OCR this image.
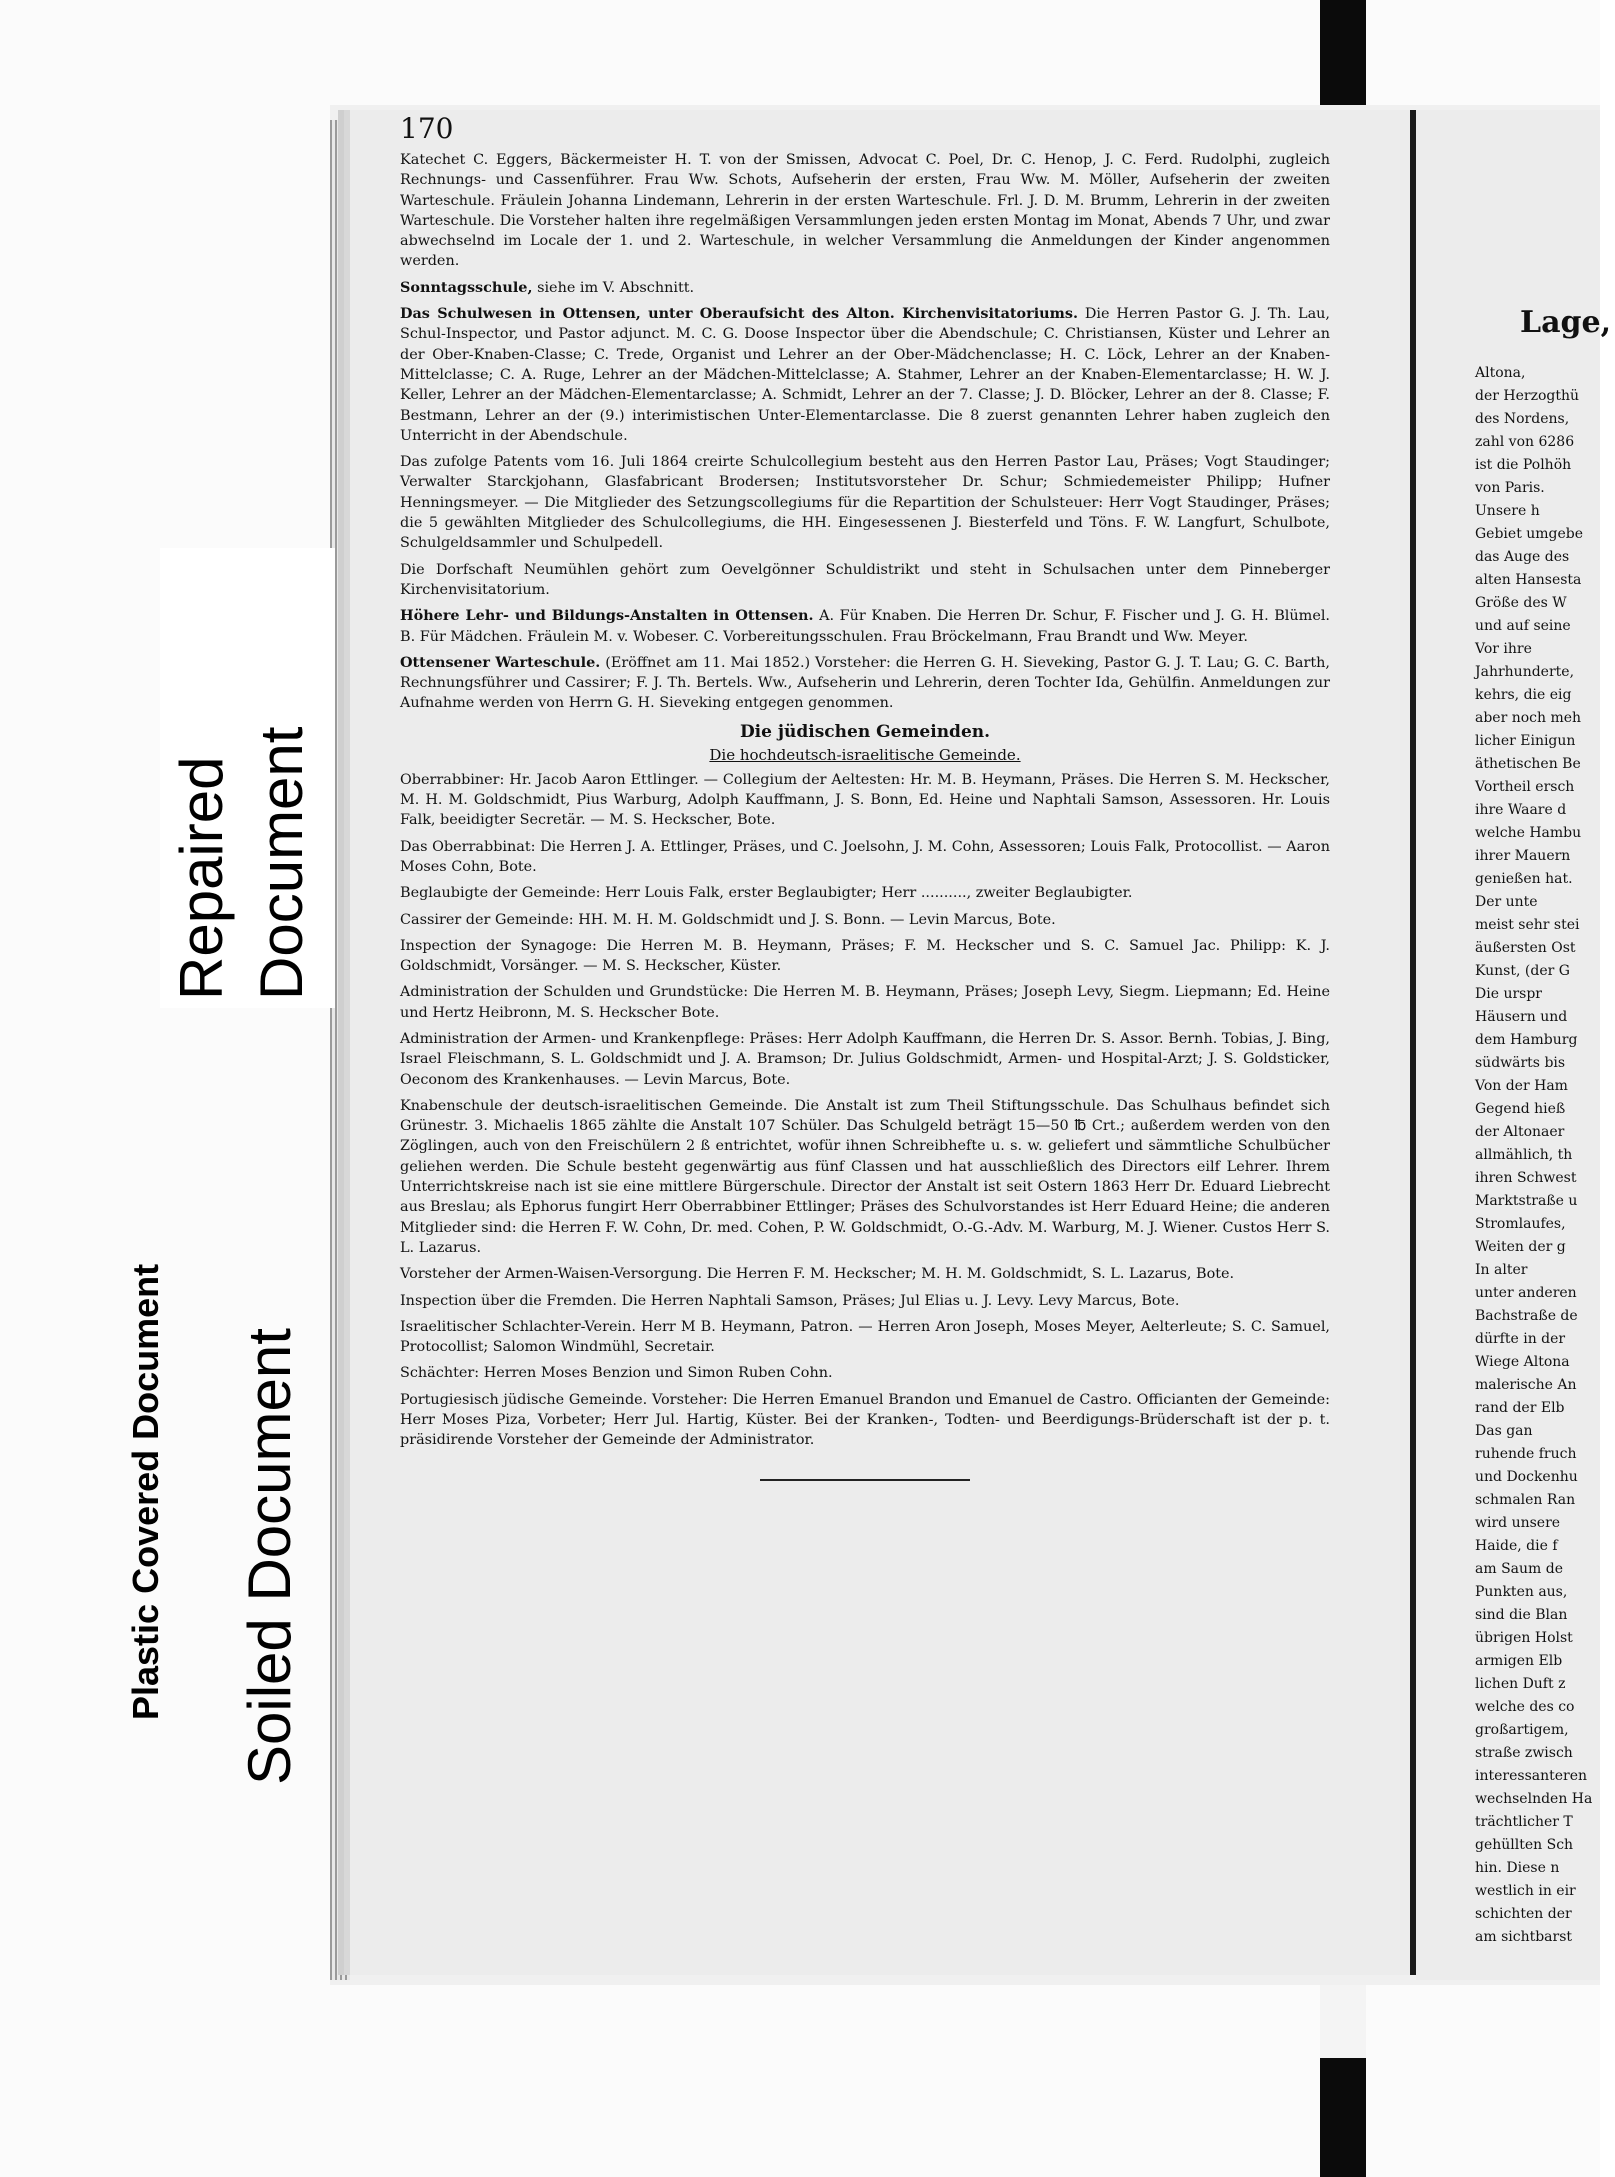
Repaired Document
Plastic Covered Document Soiled Document
170

Katechet C. Eggers, Bäckermeister H. T. von der Smissen, Advocat C. Poel, Dr. C. Henop, J. C. Ferd. Rudolphi, zugleich Rechnungs- und Cassenführer. Frau Ww. Schots, Aufseherin der ersten, Frau Ww. M. Möller, Aufseherin der zweiten Warteschule. Fräulein Johanna Lindemann, Lehrerin in der ersten Warteschule. Frl. J. D. M. Brumm, Lehrerin in der zweiten Warteschule. Die Vorsteher halten ihre regelmäßigen Versammlungen jeden ersten Montag im Monat, Abends 7 Uhr, und zwar abwechselnd im Locale der 1. und 2. Warteschule, in welcher Versammlung die Anmeldungen der Kinder angenommen werden.

Sonntagsschule, siehe im V. Abschnitt.

Das Schulwesen in Ottensen, unter Oberaufsicht des Alton. Kirchenvisitatoriums. Die Herren Pastor G. J. Th. Lau, Schul-Inspector, und Pastor adjunct. M. C. G. Doose Inspector über die Abendschule; C. Christiansen, Küster und Lehrer an der Ober-Knaben-Classe; C. Trede, Organist und Lehrer an der Ober-Mädchenclasse; H. C. Löck, Lehrer an der Knaben-Mittelclasse; C. A. Ruge, Lehrer an der Mädchen-Mittelclasse; A. Stahmer, Lehrer an der Knaben-Elementarclasse; H. W. J. Keller, Lehrer an der Mädchen-Elementarclasse; A. Schmidt, Lehrer an der 7. Classe; J. D. Blöcker, Lehrer an der 8. Classe; F. Bestmann, Lehrer an der (9.) interimistischen Unter-Elementarclasse. Die 8 zuerst genannten Lehrer haben zugleich den Unterricht in der Abendschule.

Das zufolge Patents vom 16. Juli 1864 creirte Schulcollegium besteht aus den Herren Pastor Lau, Präses; Vogt Staudinger; Verwalter Starckjohann, Glasfabricant Brodersen; Institutsvorsteher Dr. Schur; Schmiedemeister Philipp; Hufner Henningsmeyer. — Die Mitglieder des Setzungscollegiums für die Repartition der Schulsteuer: Herr Vogt Staudinger, Präses; die 5 gewählten Mitglieder des Schulcollegiums, die HH. Eingesessenen J. Biesterfeld und Töns. F. W. Langfurt, Schulbote, Schulgeldsammler und Schulpedell.

Die Dorfschaft Neumühlen gehört zum Oevelgönner Schuldistrikt und steht in Schulsachen unter dem Pinneberger Kirchenvisitatorium.

Höhere Lehr- und Bildungs-Anstalten in Ottensen. A. Für Knaben. Die Herren Dr. Schur, F. Fischer und J. G. H. Blümel. B. Für Mädchen. Fräulein M. v. Wobeser. C. Vorbereitungsschulen. Frau Bröckelmann, Frau Brandt und Ww. Meyer.

Ottensener Warteschule. (Eröffnet am 11. Mai 1852.) Vorsteher: die Herren G. H. Sieveking, Pastor G. J. T. Lau; G. C. Barth, Rechnungsführer und Cassirer; F. J. Th. Bertels. Ww., Aufseherin und Lehrerin, deren Tochter Ida, Gehülfin. Anmeldungen zur Aufnahme werden von Herrn G. H. Sieveking entgegen genommen.

Die jüdischen Gemeinden.
Die hochdeutsch-israelitische Gemeinde.

Oberrabbiner: Hr. Jacob Aaron Ettlinger. — Collegium der Aeltesten: Hr. M. B. Heymann, Präses. Die Herren S. M. Heckscher, M. H. M. Goldschmidt, Pius Warburg, Adolph Kauffmann, J. S. Bonn, Ed. Heine und Naphtali Samson, Assessoren. Hr. Louis Falk, beeidigter Secretär. — M. S. Heckscher, Bote.

Das Oberrabbinat: Die Herren J. A. Ettlinger, Präses, und C. Joelsohn, J. M. Cohn, Assessoren; Louis Falk, Protocollist. — Aaron Moses Cohn, Bote.

Beglaubigte der Gemeinde: Herr Louis Falk, erster Beglaubigter; Herr .........., zweiter Beglaubigter.

Cassirer der Gemeinde: HH. M. H. M. Goldschmidt und J. S. Bonn. — Levin Marcus, Bote.

Inspection der Synagoge: Die Herren M. B. Heymann, Präses; F. M. Heckscher und S. C. Samuel Jac. Philipp: K. J. Goldschmidt, Vorsänger. — M. S. Heckscher, Küster.

Administration der Schulden und Grundstücke: Die Herren M. B. Heymann, Präses; Joseph Levy, Siegm. Liepmann; Ed. Heine und Hertz Heibronn, M. S. Heckscher Bote.

Administration der Armen- und Krankenpflege: Präses: Herr Adolph Kauffmann, die Herren Dr. S. Assor. Bernh. Tobias, J. Bing, Israel Fleischmann, S. L. Goldschmidt und J. A. Bramson; Dr. Julius Goldschmidt, Armen- und Hospital-Arzt; J. S. Goldsticker, Oeconom des Krankenhauses. — Levin Marcus, Bote.

Knabenschule der deutsch-israelitischen Gemeinde. Die Anstalt ist zum Theil Stiftungsschule. Das Schulhaus befindet sich Grünestr. 3. Michaelis 1865 zählte die Anstalt 107 Schüler. Das Schulgeld beträgt 15—50 ℔ Crt.; außerdem werden von den Zöglingen, auch von den Freischülern 2 ß entrichtet, wofür ihnen Schreibhefte u. s. w. geliefert und sämmtliche Schulbücher geliehen werden. Die Schule besteht gegenwärtig aus fünf Classen und hat ausschließlich des Directors eilf Lehrer. Ihrem Unterrichtskreise nach ist sie eine mittlere Bürgerschule. Director der Anstalt ist seit Ostern 1863 Herr Dr. Eduard Liebrecht aus Breslau; als Ephorus fungirt Herr Oberrabbiner Ettlinger; Präses des Schulvorstandes ist Herr Eduard Heine; die anderen Mitglieder sind: die Herren F. W. Cohn, Dr. med. Cohen, P. W. Goldschmidt, O.-G.-Adv. M. Warburg, M. J. Wiener. Custos Herr S. L. Lazarus.

Vorsteher der Armen-Waisen-Versorgung. Die Herren F. M. Heckscher; M. H. M. Goldschmidt, S. L. Lazarus, Bote.

Inspection über die Fremden. Die Herren Naphtali Samson, Präses; Jul Elias u. J. Levy. Levy Marcus, Bote.

Israelitischer Schlachter-Verein. Herr M B. Heymann, Patron. — Herren Aron Joseph, Moses Meyer, Aelterleute; S. C. Samuel, Protocollist; Salomon Windmühl, Secretair.

Schächter: Herren Moses Benzion und Simon Ruben Cohn.

Portugiesisch jüdische Gemeinde. Vorsteher: Die Herren Emanuel Brandon und Emanuel de Castro. Officianten der Gemeinde: Herr Moses Piza, Vorbeter; Herr Jul. Hartig, Küster. Bei der Kranken-, Todten- und Beerdigungs-Brüderschaft ist der p. t. präsidirende Vorsteher der Gemeinde der Administrator.

Lage,
Altona,
der Herzogthü
des Nordens,
zahl von 6286
ist die Polhöh
von Paris.
Unsere h
Gebiet umgebe
das Auge des
alten Hansesta
Größe des W
und auf seine
Vor ihre
Jahrhunderte,
kehrs, die eig
aber noch meh
licher Einigun
äthetischen Be
Vortheil ersch
ihre Waare d
welche Hambu
ihrer Mauern
genießen hat.
Der unte
meist sehr stei
äußersten Ost
Kunst, (der G
Die urspr
Häusern und
dem Hamburg
südwärts bis
Von der Ham
Gegend hieß
der Altonaer
allmählich, th
ihren Schwest
Marktstraße u
Stromlaufes,
Weiten der g
In alter
unter anderen
Bachstraße de
dürfte in der
Wiege Altona
malerische An
rand der Elb
Das gan
ruhende fruch
und Dockenhu
schmalen Ran
wird unsere
Haide, die f
am Saum de
Punkten aus,
sind die Blan
übrigen Holst
armigen Elb
lichen Duft z
welche des co
großartigem,
straße zwisch
interessanteren
wechselnden Ha
trächtlicher T
gehüllten Sch
hin. Diese n
westlich in eir
schichten der
am sichtbarst
